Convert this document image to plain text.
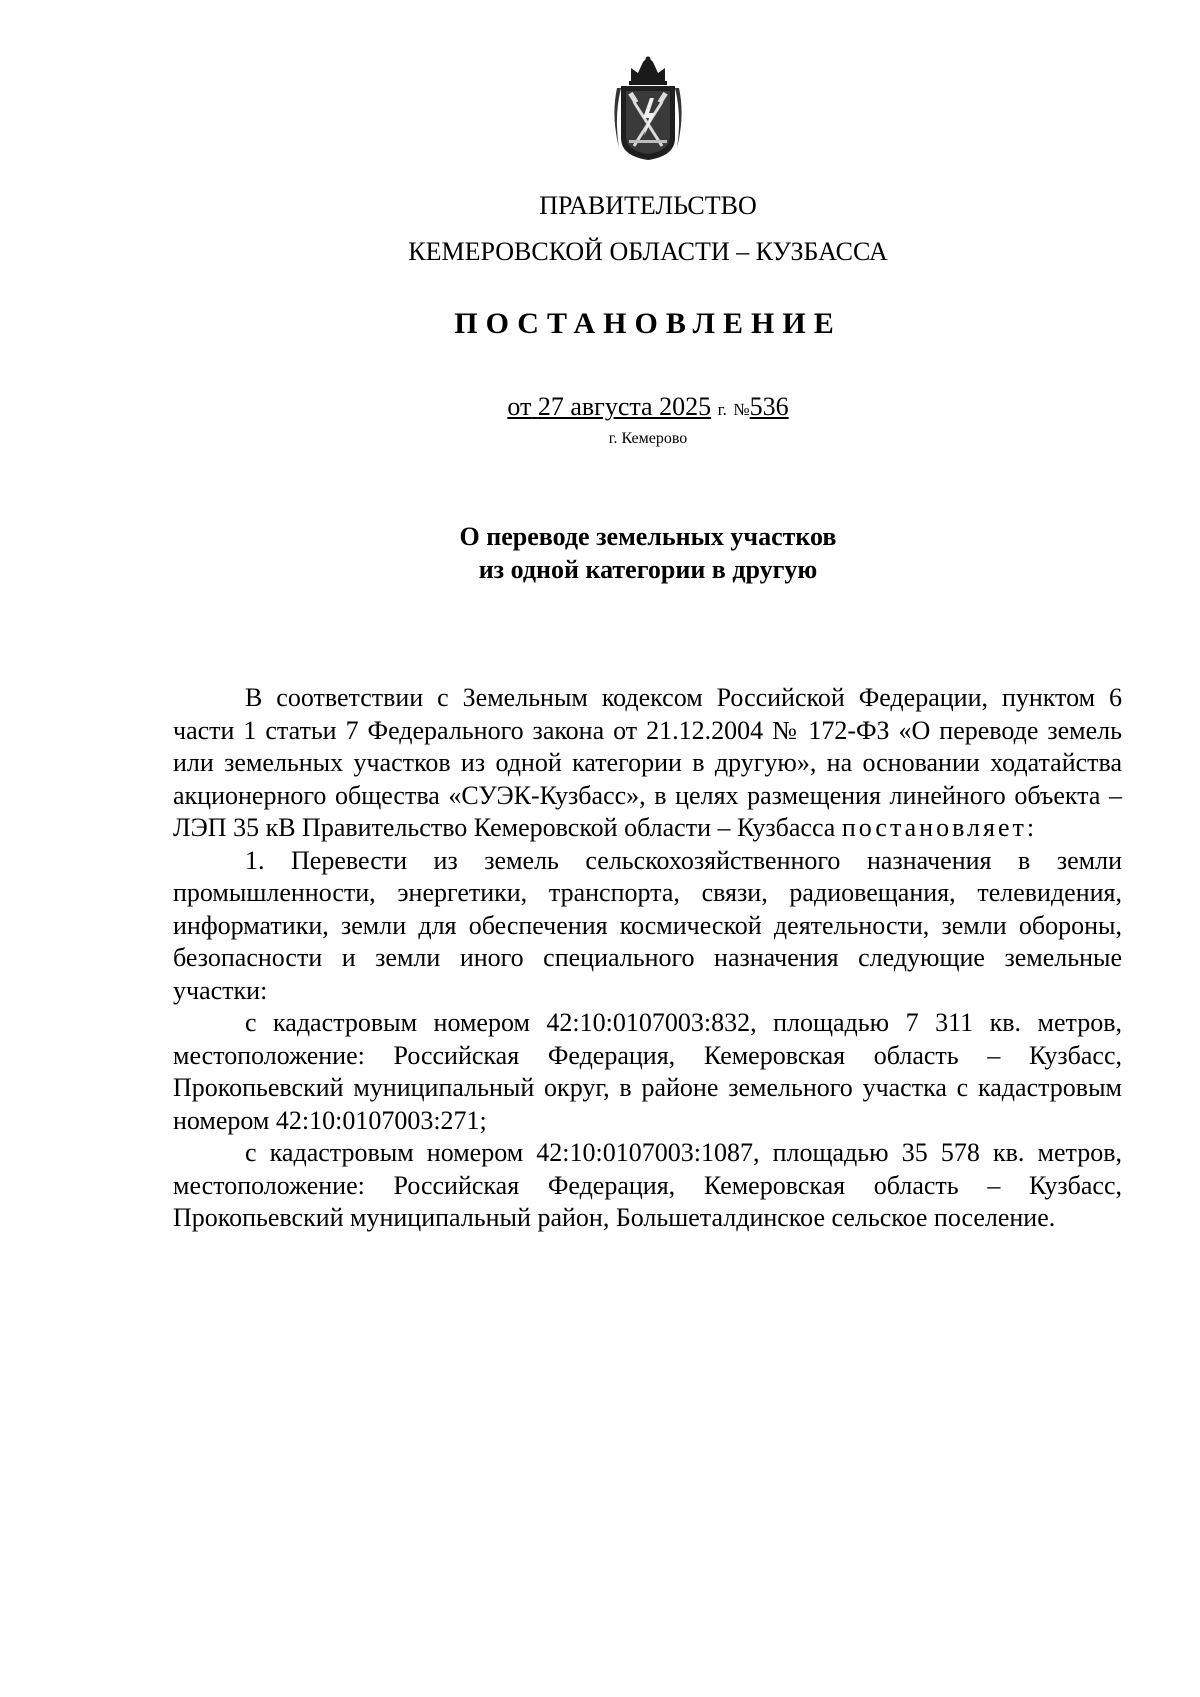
ПРАВИТЕЛЬСТВО
КЕМЕРОВСКОЙ ОБЛАСТИ – КУЗБАССА
ПОСТАНОВЛЕНИЕ
от 27 августа 2025 г. №536
г. Кемерово
О переводе земельных участков
из одной категории в другую

В соответствии с Земельным кодексом Российской Федерации, пунктом 6 части 1 статьи 7 Федерального закона от 21.12.2004 № 172-ФЗ «О переводе земель или земельных участков из одной категории в другую», на основании ходатайства акционерного общества «СУЭК-Кузбасс», в целях размещения линейного объекта – ЛЭП 35 кВ Правительство Кемеровской области – Кузбасса постановляет:

1. Перевести из земель сельскохозяйственного назначения в земли промышленности, энергетики, транспорта, связи, радиовещания, телевидения, информатики, земли для обеспечения космической деятельности, земли обороны, безопасности и земли иного специального назначения следующие земельные участки:

с кадастровым номером 42:10:0107003:832, площадью 7 311 кв. метров, местоположение: Российская Федерация, Кемеровская область – Кузбасс, Прокопьевский муниципальный округ, в районе земельного участка с кадастровым номером 42:10:0107003:271;

с кадастровым номером 42:10:0107003:1087, площадью 35 578 кв. метров, местоположение: Российская Федерация, Кемеровская область – Кузбасс, Прокопьевский муниципальный район, Большеталдинское сельское поселение.
